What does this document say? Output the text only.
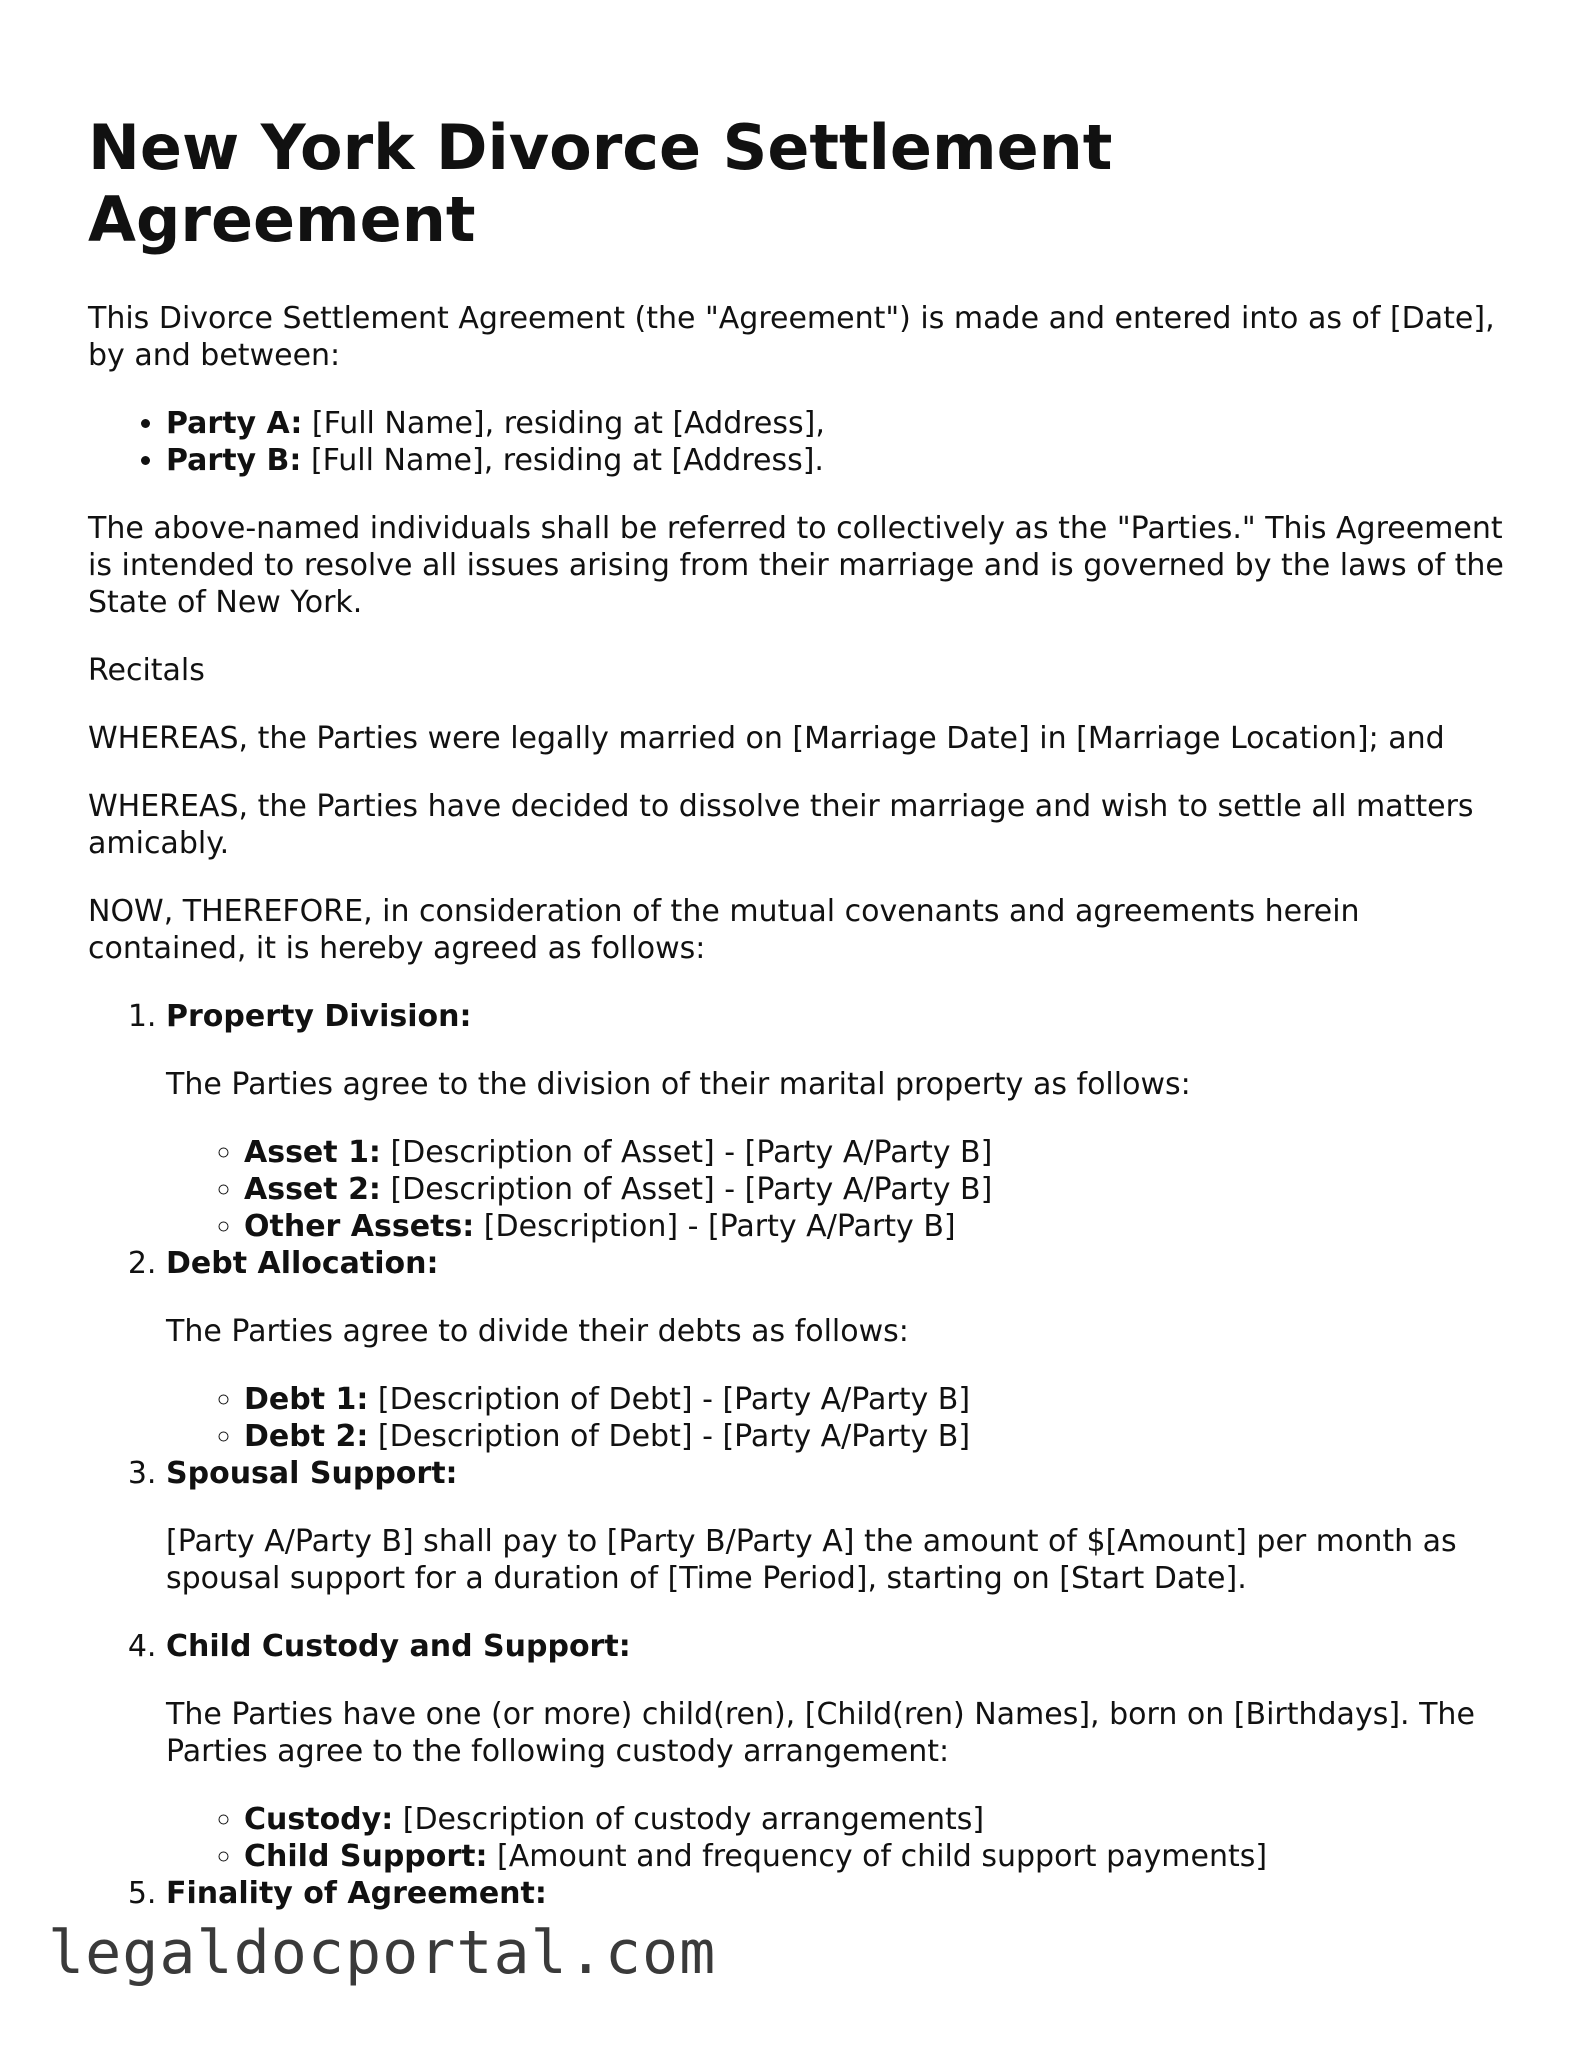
New York Divorce Settlement Agreement

This Divorce Settlement Agreement (the "Agreement") is made and entered into as of [Date], by and between:

• Party A: [Full Name], residing at [Address],
• Party B: [Full Name], residing at [Address].

The above-named individuals shall be referred to collectively as the "Parties." This Agreement is intended to resolve all issues arising from their marriage and is governed by the laws of the State of New York.

Recitals

WHEREAS, the Parties were legally married on [Marriage Date] in [Marriage Location]; and

WHEREAS, the Parties have decided to dissolve their marriage and wish to settle all matters amicably.

NOW, THEREFORE, in consideration of the mutual covenants and agreements herein contained, it is hereby agreed as follows:

1. Property Division:

The Parties agree to the division of their marital property as follows:

◦ Asset 1: [Description of Asset] - [Party A/Party B]
◦ Asset 2: [Description of Asset] - [Party A/Party B]
◦ Other Assets: [Description] - [Party A/Party B]
2. Debt Allocation:

The Parties agree to divide their debts as follows:

◦ Debt 1: [Description of Debt] - [Party A/Party B]
◦ Debt 2: [Description of Debt] - [Party A/Party B]
3. Spousal Support:

[Party A/Party B] shall pay to [Party B/Party A] the amount of $[Amount] per month as spousal support for a duration of [Time Period], starting on [Start Date].

4. Child Custody and Support:

The Parties have one (or more) child(ren), [Child(ren) Names], born on [Birthdays]. The Parties agree to the following custody arrangement:

◦ Custody: [Description of custody arrangements]
◦ Child Support: [Amount and frequency of child support payments]
5. Finality of Agreement:
legaldocportal.com
